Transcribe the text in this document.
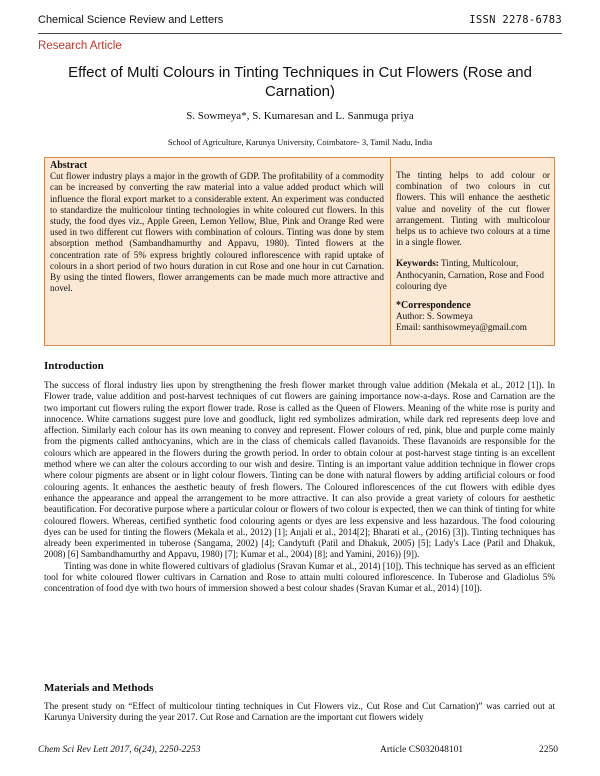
Chemical Science Review and Letters	ISSN 2278-6783
Research Article
Effect of Multi Colours in Tinting Techniques in Cut Flowers (Rose and Carnation)
S. Sowmeya*, S. Kumaresan and L. Sanmuga priya
School of Agriculture, Karunya University, Coimbatore- 3, Tamil Nadu, India
Abstract
Cut flower industry plays a major in the growth of GDP. The profitability of a commodity can be increased by converting the raw material into a value added product which will influence the floral export market to a considerable extent. An experiment was conducted to standardize the multicolour tinting technologies in white coloured cut flowers. In this study, the food dyes viz., Apple Green, Lemon Yellow, Blue, Pink and Orange Red were used in two different cut flowers with combination of colours. Tinting was done by stem absorption method (Sambandhamurthy and Appavu, 1980). Tinted flowers at the concentration rate of 5% express brightly coloured inflorescence with rapid uptake of colours in a short period of two hours duration in cut Rose and one hour in cut Carnation. By using the tinted flowers, flower arrangements can be made much more attractive and novel.

The tinting helps to add colour or combination of two colours in cut flowers. This will enhance the aesthetic value and novelity of the cut flower arrangement. Tinting with multicolour helps us to achieve two colours at a time in a single flower.

Keywords: Tinting, Multicolour, Anthocyanin, Carnation, Rose and Food colouring dye

*Correspondence

Author: S. Sowmeya

Email: santhisowmeya@gmail.com

Introduction

The success of floral industry lies upon by strengthening the fresh flower market through value addition (Mekala et al., 2012 [1]). In Flower trade, value addition and post-harvest techniques of cut flowers are gaining importance now-a-days. Rose and Carnation are the two important cut flowers ruling the export flower trade. Rose is called as the Queen of Flowers. Meaning of the white rose is purity and innocence. White carnations suggest pure love and goodluck, light red symbolizes admiration, while dark red represents deep love and affection. Similarly each colour has its own meaning to convey and represent. Flower colours of red, pink, blue and purple come mainly from the pigments called anthocyanins, which are in the class of chemicals called flavanoids. These flavanoids are responsible for the colours which are appeared in the flowers during the growth period. In order to obtain colour at post-harvest stage tinting is an excellent method where we can alter the colours according to our wish and desire. Tinting is an important value addition technique in flower crops where colour pigments are absent or in light colour flowers. Tinting can be done with natural flowers by adding artificial colours or food colouring agents. It enhances the aesthetic beauty of fresh flowers. The Coloured inflorescences of the cut flowers with edible dyes enhance the appearance and appeal the arrangement to be more attractive. It can also provide a great variety of colours for aesthetic beautification. For decorative purpose where a particular colour or flowers of two colour is expected, then we can think of tinting for white coloured flowers. Whereas, certified synthetic food colouring agents or dyes are less expensive and less hazardous. The food colouring dyes can be used for tinting the flowers (Mekala et al., 2012) [1]; Anjali et al., 2014[2]; Bharati et al., (2016) [3]). Tinting techniques has already been experimented in tuberose (Sangama, 2002) [4]; Candytuft (Patil and Dhakuk, 2005) [5]; Lady's Lace (Patil and Dhakuk, 2008) [6] Sambandhamurthy and Appavu, 1980) [7]; Kumar et al., 2004) [8]; and Yamini, 2016)) [9]).

Tinting was done in white flowered cultivars of gladiolus (Sravan Kumar et al., 2014) [10]). This technique has served as an efficient tool for white coloured flower cultivars in Carnation and Rose to attain multi coloured inflorescence. In Tuberose and Gladiolus 5% concentration of food dye with two hours of immersion showed a best colour shades (Sravan Kumar et al., 2014) [10]).

Materials and Methods

The present study on “Effect of multicolour tinting techniques in Cut Flowers viz., Cut Rose and Cut Carnation)” was carried out at Karunya University during the year 2017. Cut Rose and Carnation are the important cut flowers widely

Chem Sci Rev Lett 2017, 6(24), 2250-2253	Article CS032048101	2250
